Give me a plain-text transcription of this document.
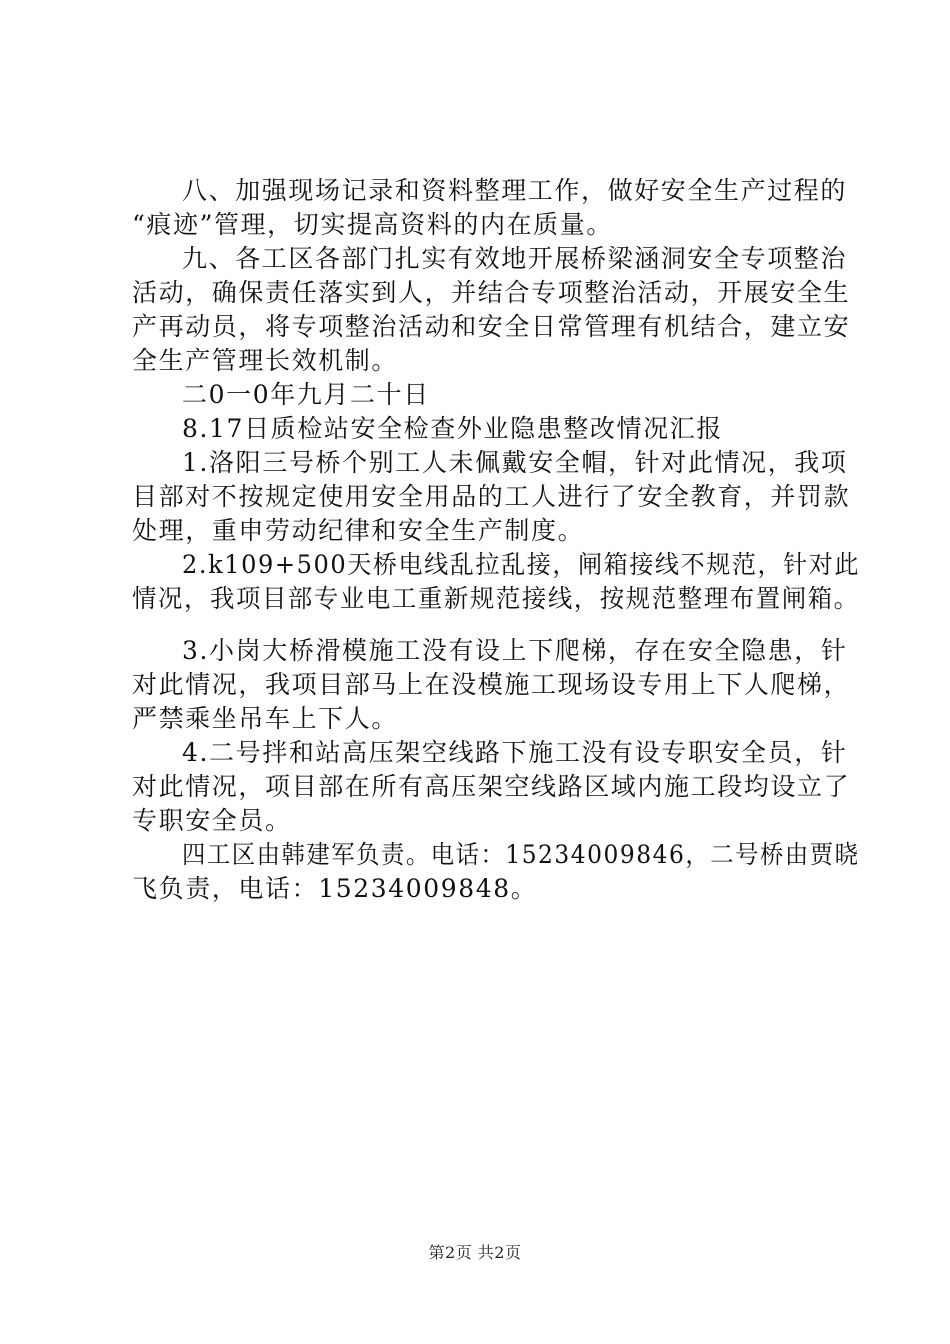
八、加强现场记录和资料整理工作，做好安全生产过程的
“痕迹”管理，切实提高资料的内在质量。
九、各工区各部门扎实有效地开展桥梁涵洞安全专项整治
活动，确保责任落实到人，并结合专项整治活动，开展安全生
产再动员，将专项整治活动和安全日常管理有机结合，建立安
全生产管理长效机制。
二0一0年九月二十日
8.17日质检站安全检查外业隐患整改情况汇报
1.洛阳三号桥个别工人未佩戴安全帽，针对此情况，我项
目部对不按规定使用安全用品的工人进行了安全教育，并罚款
处理，重申劳动纪律和安全生产制度。
2.k109+500天桥电线乱拉乱接，闸箱接线不规范，针对此
情况，我项目部专业电工重新规范接线，按规范整理布置闸箱。
3.小岗大桥滑模施工没有设上下爬梯，存在安全隐患，针
对此情况，我项目部马上在没模施工现场设专用上下人爬梯，
严禁乘坐吊车上下人。
4.二号拌和站高压架空线路下施工没有设专职安全员，针
对此情况，项目部在所有高压架空线路区域内施工段均设立了
专职安全员。
四工区由韩建军负责。电话：15234009846，二号桥由贾晓
飞负责，电话：15234009848。
第2页 共2页
